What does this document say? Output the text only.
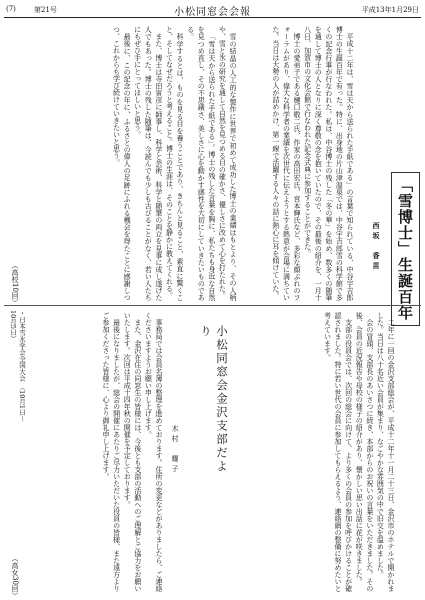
(7)	第21号	小松同窓会会報	平成13年1月29日

平成十二年は、雪は天から送られた手紙である」の言葉で知られている、中谷宇吉郎博士の生誕百年で有った。特に、出身地の片山津温泉では、中谷宇吉郎雪の科学館で多くの記念行事が行なわれた。私は、中谷博士の残した「冬の華」を始め、数多くの随筆を通して博士の人となりに深く尊敬の念を抱いていたので、その最後の紹介を、一月十八日、加賀市の文化会館で行なわれた記念式典に参加することができた。

博士の愛弟子である樋口敬二氏、作家の高田宏氏、宮本輝氏など、多彩な顔ぶれのフォーラムがあり、偉大な科学者の業績を次世代に伝えようとする熱意が会場に満ちていた。当日は大勢の人が詰めかけ、第一線で活躍する人々の話に熱心に耳を傾けていた。	「雪博士」生誕百年
西坂　香苗

雪の結晶の人工的な製作に世界で初めて成功した博士の業績はもとより、その人柄や、雪と氷の研究を通して自然を見つめる目の確かさ、優しさに改めて心を打たれた。

「雪は天から送られた手紙である」。博士の残した言葉を胸に、私たちも身近な自然を見つめ直し、その不思議さ、美しさに心を動かす感性を大切にしていきたいものである。

科学するとは、ものを見る目を養うことであり、きちんと見ること、素直に驚くこと、そしてなぜだろうと考えること。博士の生涯は、そのことを静かに教えてくれる。

また、博士は寺田寅彦に師事し、科学と芸術、科学と随筆の両立を見事に成し遂げた人でもあった。博士の残した随筆は、今読んでも少しも古びることがなく、若い人たちにもぜひ手にとってほしいと思う。

最後に、この記念の年に、ふるさとの偉人の足跡にふれる機会を得たことに感謝しつつ、これからも学び続けていきたいと思う。

（高校10回）
・日本雪氷学会全国大会 （10月1日〜10月5日）	二年に一回の金沢支部総会が、平成十二年十一月二十三日、金沢市のホテルで開かれました。当日は八十名近い会員が集まり、なごやかな雰囲気の中で旧交を温めました。

会の冒頭、支部長のあいさつに続き、本部からのお祝いの言葉をいただきました。その後、会員の近況報告や母校の様子の紹介があり、懐かしい思い出話に花が咲きました。

支部の役員会では、次回の総会に向けて、より多くの会員の参加を呼びかけることが確認されました。特に若い世代の会員に参加してもらえるよう、連絡網の整備に努めたいと考えています。

小松同窓会金沢支部だより
木村　耀子

事務局では会員名簿の整理を進めております。住所の変更などがありましたら、ご連絡くださいますようお願い申し上げます。

また、金沢在住の同窓生の皆様には、今後とも支部の活動へのご理解とご協力をお願いいたします。次回は平成十四年秋の開催を予定しております。

最後になりましたが、総会の開催にあたりご尽力いただいた役員の皆様、また遠方よりご参加くださった皆様に、心より御礼申し上げます。

（高女30回）
